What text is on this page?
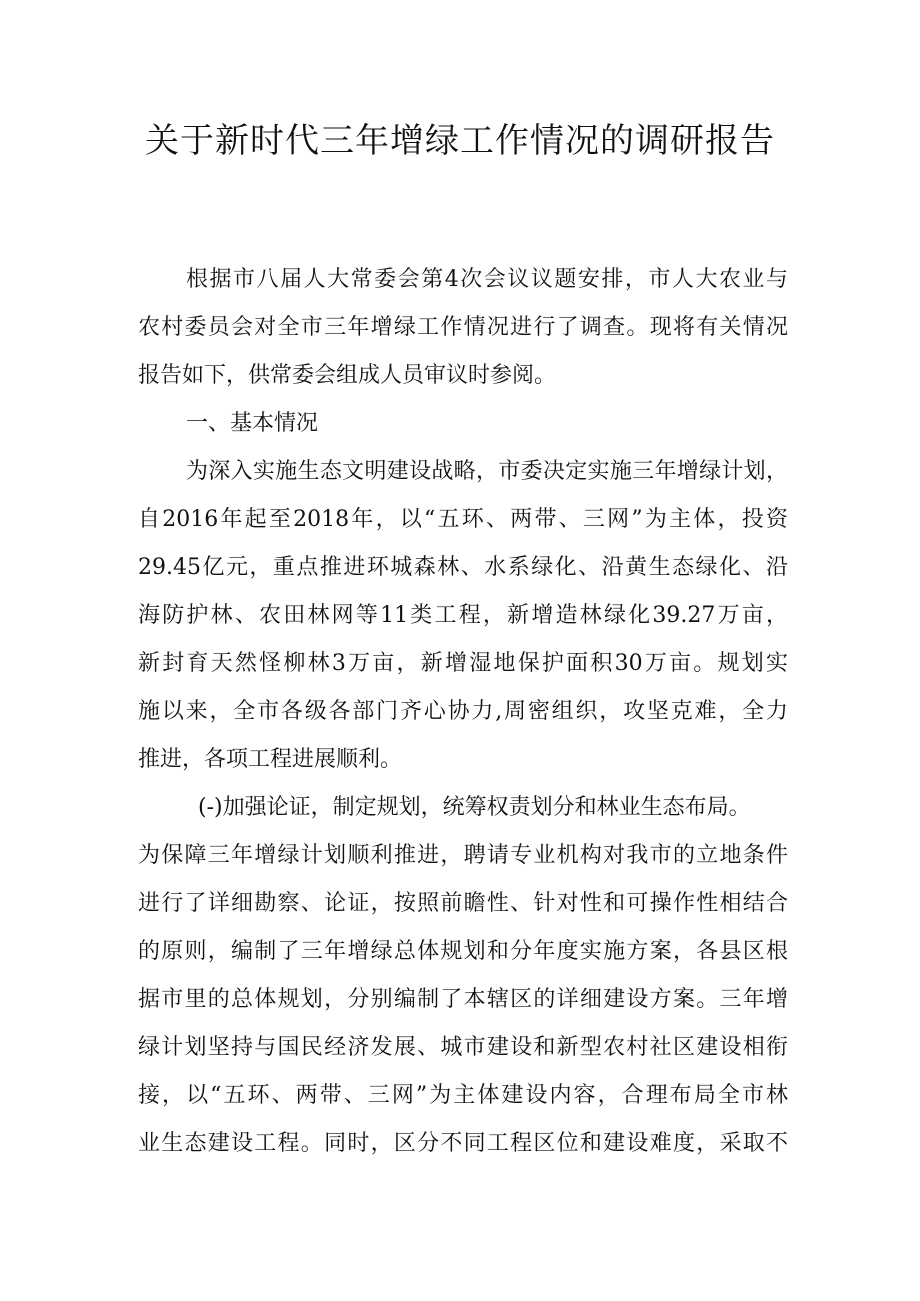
关于新时代三年增绿工作情况的调研报告
根据市八届人大常委会第4次会议议题安排，市人大农业与
农村委员会对全市三年增绿工作情况进行了调查。现将有关情况
报告如下，供常委会组成人员审议时参阅。
一、基本情况
为深入实施生态文明建设战略，市委决定实施三年增绿计划，
自2016年起至2018年，以“五环、两带、三网”为主体，投资
29.45亿元，重点推进环城森林、水系绿化、沿黄生态绿化、沿
海防护林、农田林网等11类工程，新增造林绿化39.27万亩，
新封育天然怪柳林3万亩，新增湿地保护面积30万亩。规划实
施以来，全市各级各部门齐心协力,周密组织，攻坚克难，全力
推进，各项工程进展顺利。
(-)加强论证，制定规划，统筹权责划分和林业生态布局。
为保障三年增绿计划顺利推进，聘请专业机构对我市的立地条件
进行了详细勘察、论证，按照前瞻性、针对性和可操作性相结合
的原则，编制了三年增绿总体规划和分年度实施方案，各县区根
据市里的总体规划，分别编制了本辖区的详细建设方案。三年增
绿计划坚持与国民经济发展、城市建设和新型农村社区建设相衔
接，以“五环、两带、三网”为主体建设内容，合理布局全市林
业生态建设工程。同时，区分不同工程区位和建设难度，采取不
